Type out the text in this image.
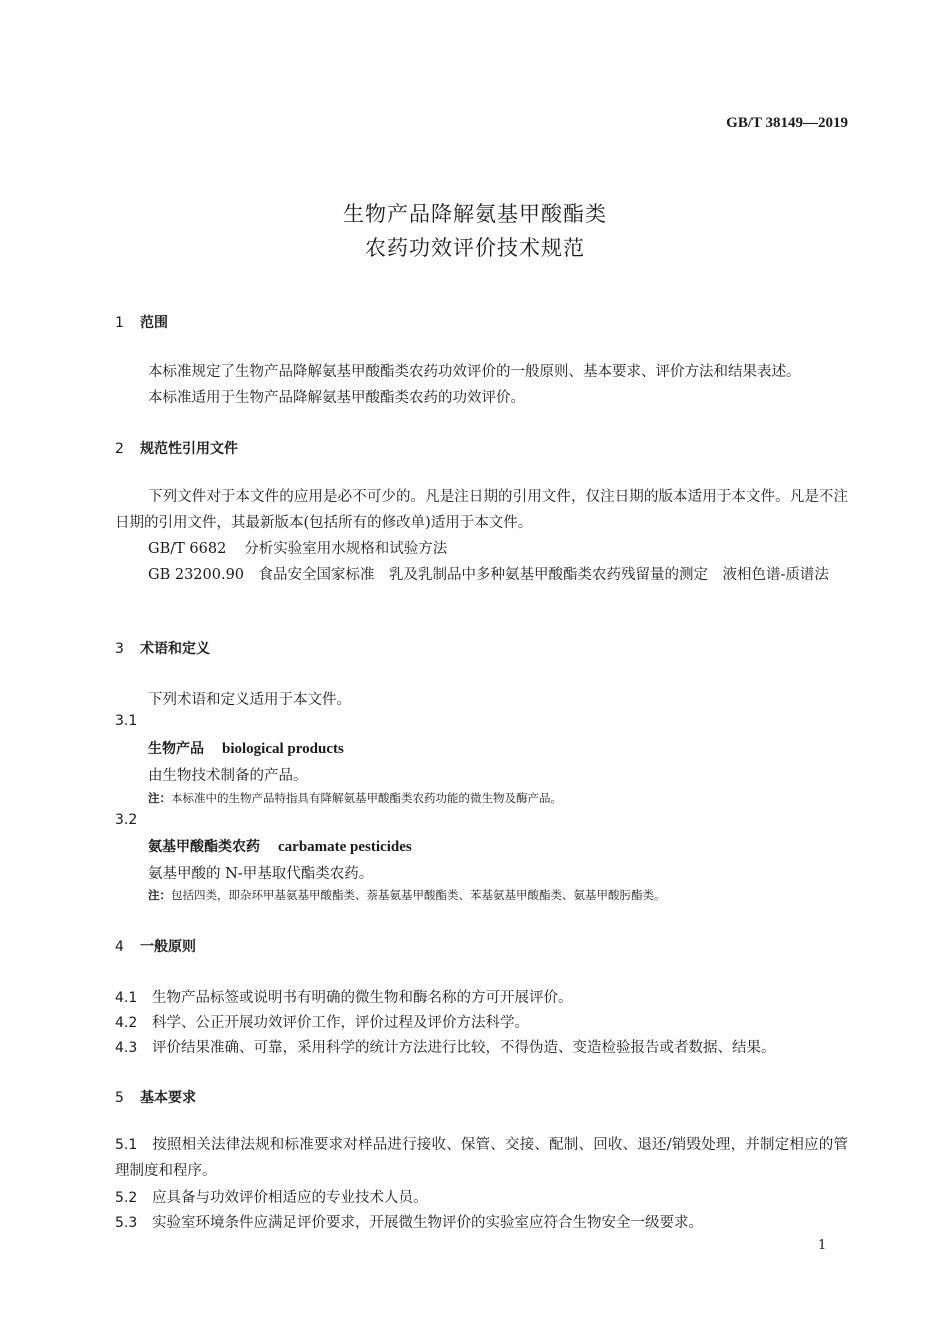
GB/T 38149—2019
生物产品降解氨基甲酸酯类
农药功效评价技术规范
1 范围
本标准规定了生物产品降解氨基甲酸酯类农药功效评价的一般原则、基本要求、评价方法和结果表述。
本标准适用于生物产品降解氨基甲酸酯类农药的功效评价。
2 规范性引用文件
下列文件对于本文件的应用是必不可少的。凡是注日期的引用文件，仅注日期的版本适用于本文件。凡是不注日期的引用文件，其最新版本(包括所有的修改单)适用于本文件。
GB/T 6682 分析实验室用水规格和试验方法
GB 23200.90　食品安全国家标准　乳及乳制品中多种氨基甲酸酯类农药残留量的测定　液相色谱-质谱法
3 术语和定义
下列术语和定义适用于本文件。
3.1
生物产品 biological products
由生物技术制备的产品。
注：本标准中的生物产品特指具有降解氨基甲酸酯类农药功能的微生物及酶产品。
3.2
氨基甲酸酯类农药 carbamate pesticides
氨基甲酸的 N-甲基取代酯类农药。
注：包括四类，即杂环甲基氨基甲酸酯类、萘基氨基甲酸酯类、苯基氨基甲酸酯类、氨基甲酸肟酯类。
4 一般原则
4.1 生物产品标签或说明书有明确的微生物和酶名称的方可开展评价。
4.2 科学、公正开展功效评价工作，评价过程及评价方法科学。
4.3 评价结果准确、可靠，采用科学的统计方法进行比较，不得伪造、变造检验报告或者数据、结果。
5 基本要求
5.1 按照相关法律法规和标准要求对样品进行接收、保管、交接、配制、回收、退还/销毁处理，并制定相应的管理制度和程序。
5.2 应具备与功效评价相适应的专业技术人员。
5.3 实验室环境条件应满足评价要求，开展微生物评价的实验室应符合生物安全一级要求。
1
